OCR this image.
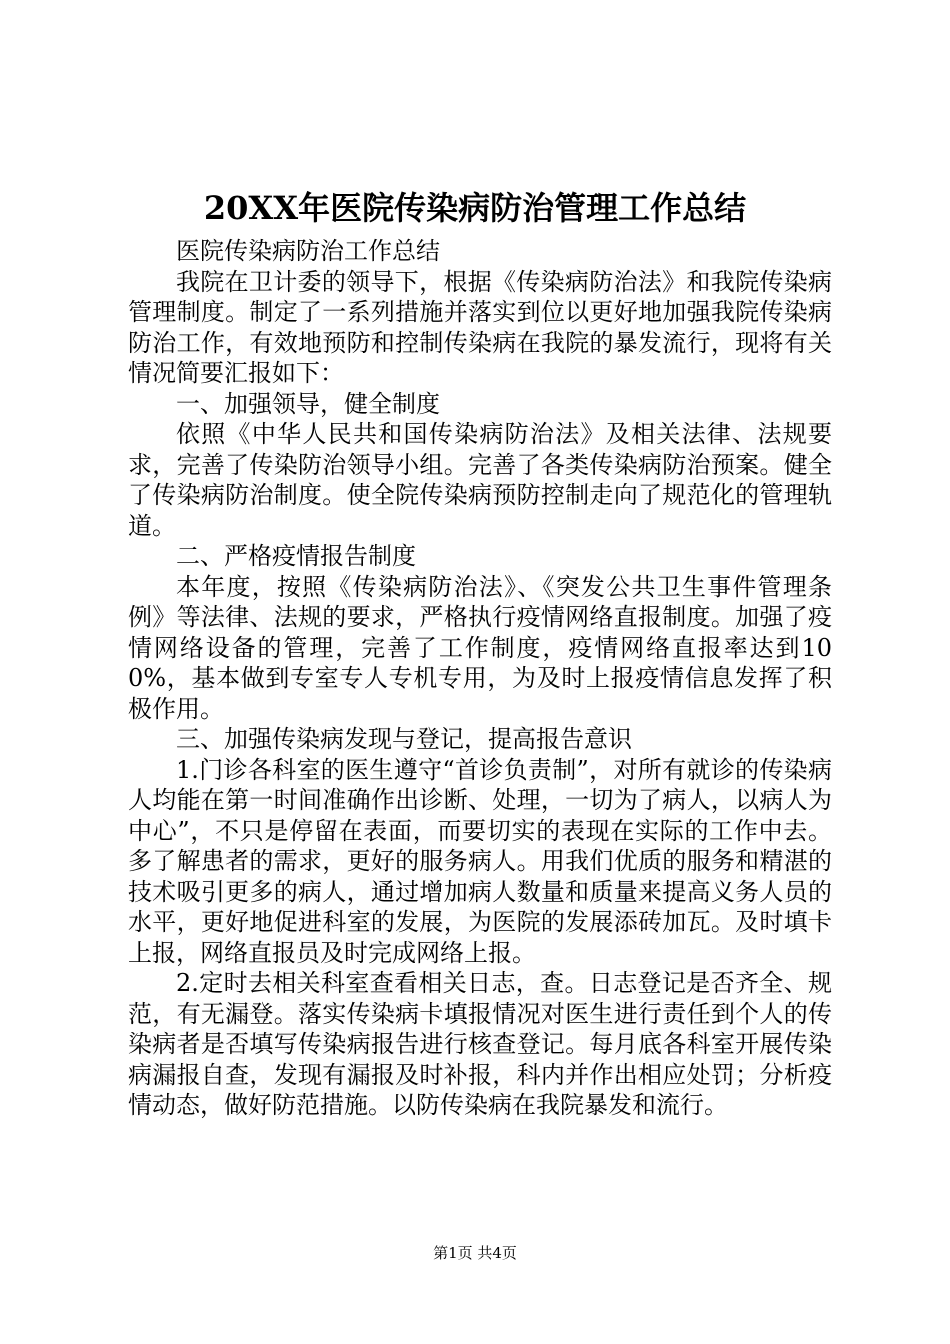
20XX年医院传染病防治管理工作总结

医院传染病防治工作总结

我院在卫计委的领导下，根据《传染病防治法》和我院传染病管理制度。制定了一系列措施并落实到位以更好地加强我院传染病防治工作，有效地预防和控制传染病在我院的暴发流行，现将有关情况简要汇报如下：

一、加强领导，健全制度

依照《中华人民共和国传染病防治法》及相关法律、法规要求，完善了传染防治领导小组。完善了各类传染病防治预案。健全了传染病防治制度。使全院传染病预防控制走向了规范化的管理轨道。

二、严格疫情报告制度

本年度，按照《传染病防治法》、《突发公共卫生事件管理条例》等法律、法规的要求，严格执行疫情网络直报制度。加强了疫情网络设备的管理，完善了工作制度，疫情网络直报率达到100%，基本做到专室专人专机专用，为及时上报疫情信息发挥了积极作用。

三、加强传染病发现与登记，提高报告意识

1.门诊各科室的医生遵守“首诊负责制”，对所有就诊的传染病人均能在第一时间准确作出诊断、处理，一切为了病人，以病人为中心”，不只是停留在表面，而要切实的表现在实际的工作中去。多了解患者的需求，更好的服务病人。用我们优质的服务和精湛的技术吸引更多的病人，通过增加病人数量和质量来提高义务人员的水平，更好地促进科室的发展，为医院的发展添砖加瓦。及时填卡上报，网络直报员及时完成网络上报。

2.定时去相关科室查看相关日志，查。日志登记是否齐全、规范，有无漏登。落实传染病卡填报情况对医生进行责任到个人的传染病者是否填写传染病报告进行核查登记。每月底各科室开展传染病漏报自查，发现有漏报及时补报，科内并作出相应处罚；分析疫情动态，做好防范措施。以防传染病在我院暴发和流行。

第1页 共4页
